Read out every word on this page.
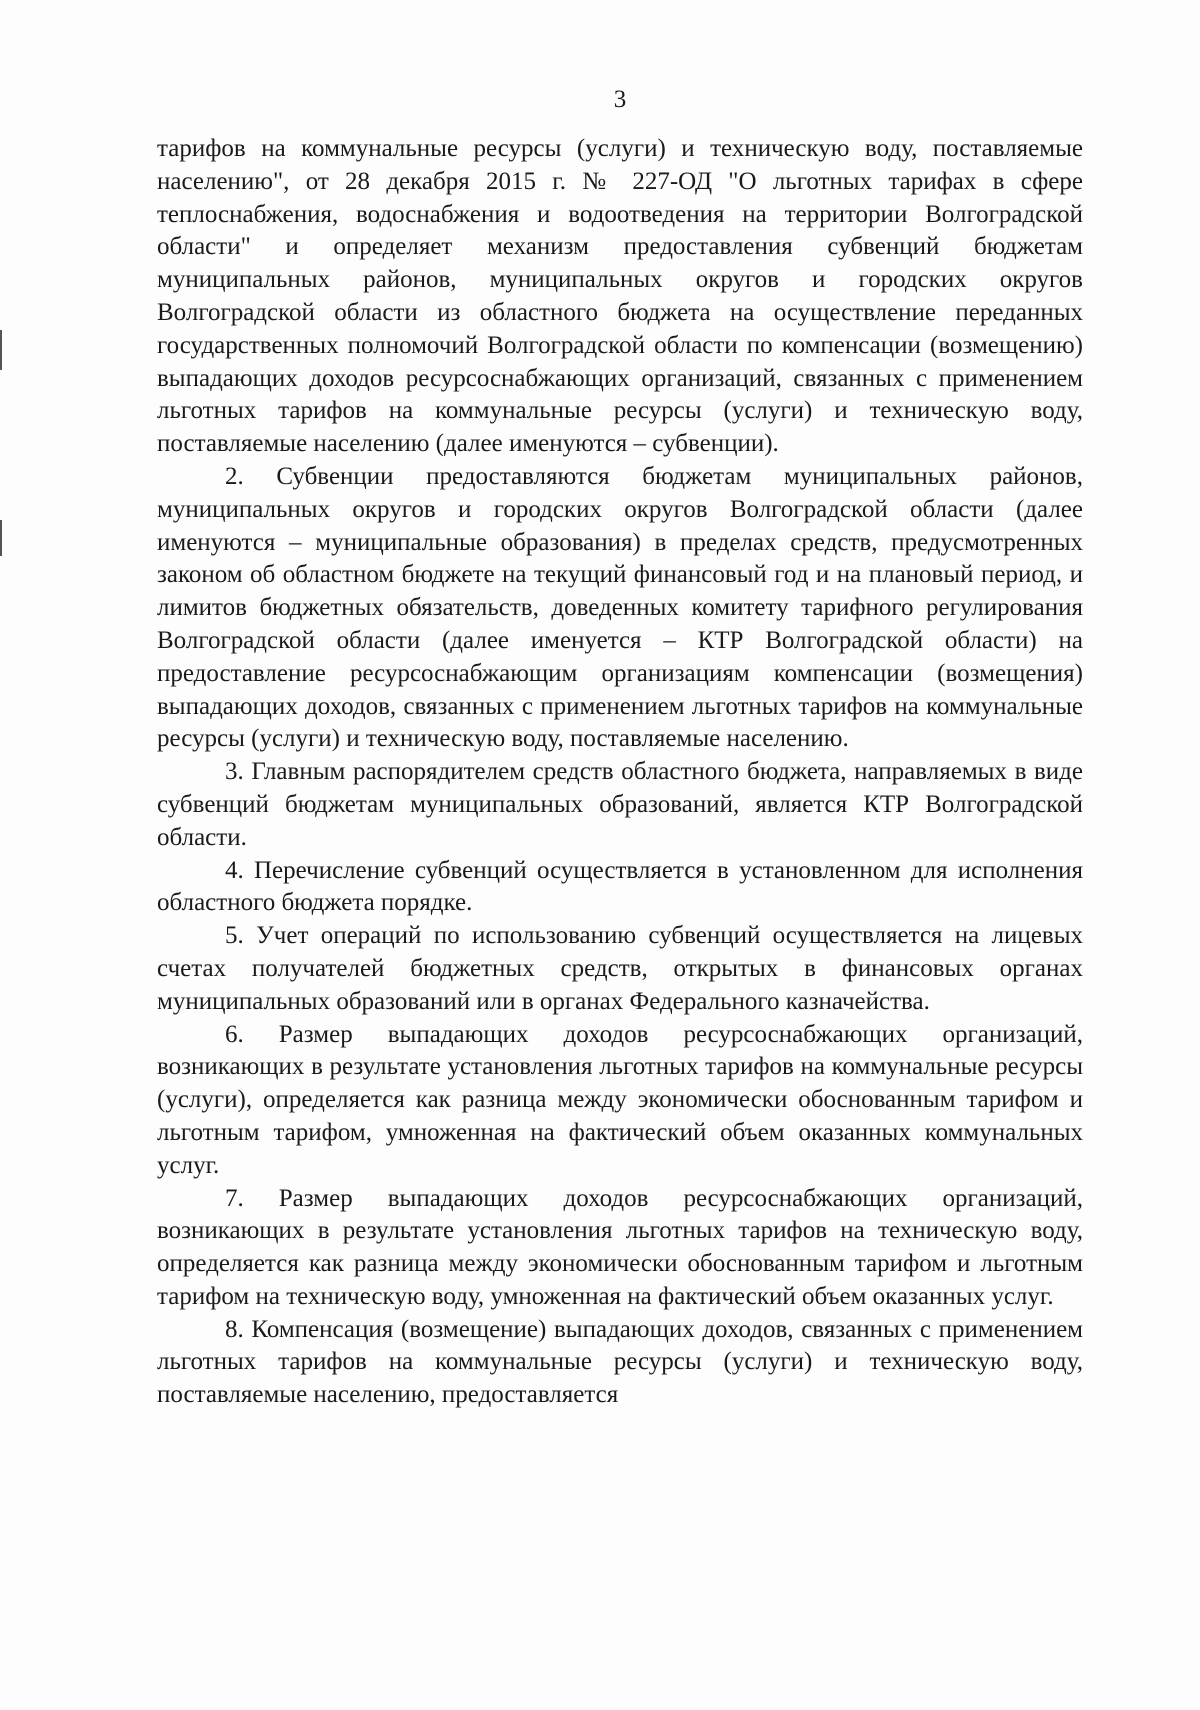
3

тарифов на коммунальные ресурсы (услуги) и техническую воду, поставляемые населению", от 28 декабря 2015 г. № 227-ОД "О льготных тарифах в сфере теплоснабжения, водоснабжения и водоотведения на территории Волгоградской области" и определяет механизм предоставления субвенций бюджетам муниципальных районов, муниципальных округов и городских округов Волгоградской области из областного бюджета на осуществление переданных государственных полномочий Волгоградской области по компенсации (возмещению) выпадающих доходов ресурсоснабжающих организаций, связанных с применением льготных тарифов на коммунальные ресурсы (услуги) и техническую воду, поставляемые населению (далее именуются – субвенции).

2. Субвенции предоставляются бюджетам муниципальных районов, муниципальных округов и городских округов Волгоградской области (далее именуются – муниципальные образования) в пределах средств, предусмотренных законом об областном бюджете на текущий финансовый год и на плановый период, и лимитов бюджетных обязательств, доведенных комитету тарифного регулирования Волгоградской области (далее именуется – КТР Волгоградской области) на предоставление ресурсоснабжающим организациям компенсации (возмещения) выпадающих доходов, связанных с применением льготных тарифов на коммунальные ресурсы (услуги) и техническую воду, поставляемые населению.

3. Главным распорядителем средств областного бюджета, направляемых в виде субвенций бюджетам муниципальных образований, является КТР Волгоградской области.

4. Перечисление субвенций осуществляется в установленном для исполнения областного бюджета порядке.

5. Учет операций по использованию субвенций осуществляется на лицевых счетах получателей бюджетных средств, открытых в финансовых органах муниципальных образований или в органах Федерального казначейства.

6. Размер выпадающих доходов ресурсоснабжающих организаций, возникающих в результате установления льготных тарифов на коммунальные ресурсы (услуги), определяется как разница между экономически обоснованным тарифом и льготным тарифом, умноженная на фактический объем оказанных коммунальных услуг.

7. Размер выпадающих доходов ресурсоснабжающих организаций, возникающих в результате установления льготных тарифов на техническую воду, определяется как разница между экономически обоснованным тарифом и льготным тарифом на техническую воду, умноженная на фактический объем оказанных услуг.

8. Компенсация (возмещение) выпадающих доходов, связанных с применением льготных тарифов на коммунальные ресурсы (услуги) и техническую воду, поставляемые населению, предоставляется
